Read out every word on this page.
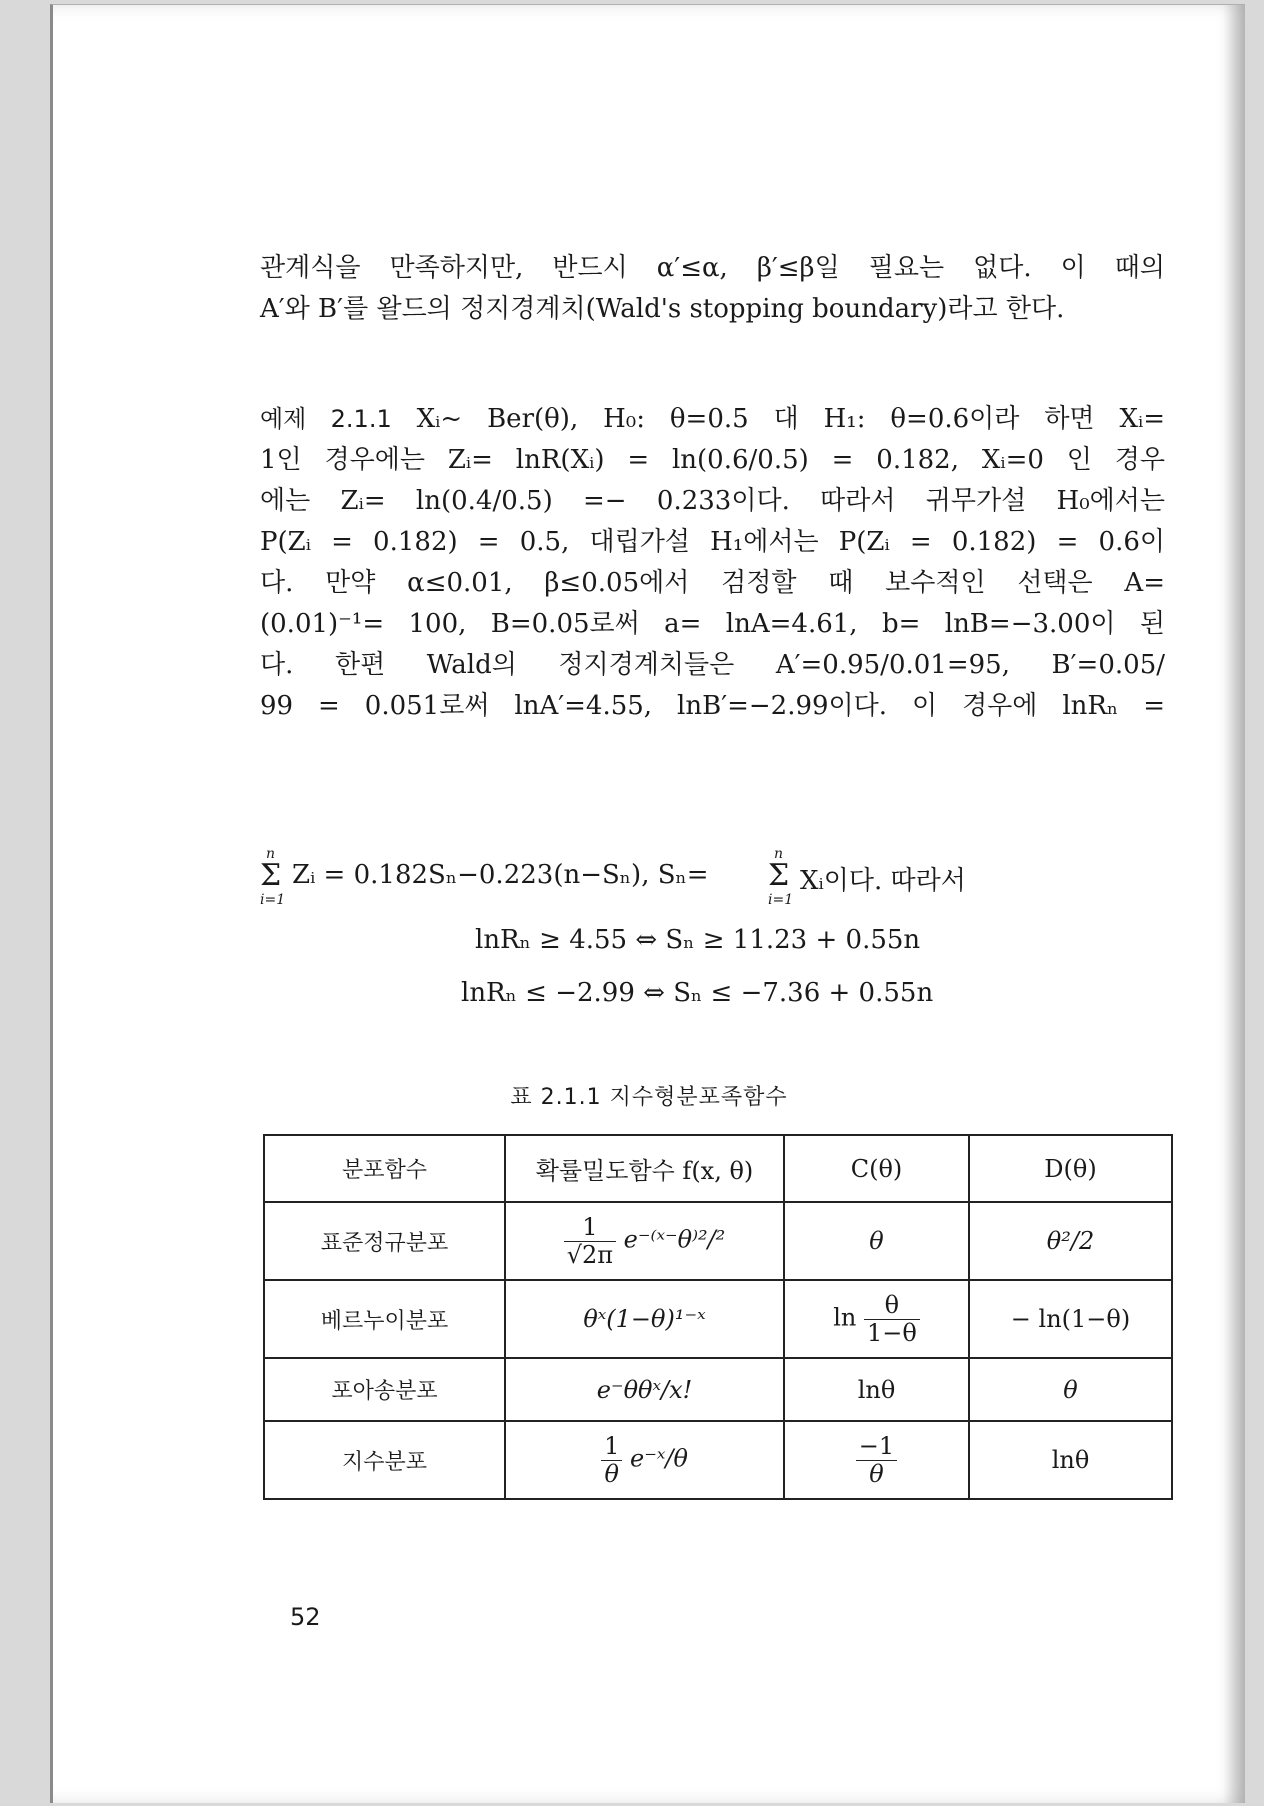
관계식을 만족하지만, 반드시 α′≤α, β′≤β일 필요는 없다. 이 때의
A′와 B′를 왈드의 정지경계치(Wald's stopping boundary)라고 한다.
예제 2.1.1 Xᵢ~ Ber(θ), H₀: θ=0.5 대 H₁: θ=0.6이라 하면 Xᵢ=
1인 경우에는 Zᵢ= lnR(Xᵢ) = ln(0.6/0.5) = 0.182, Xᵢ=0 인 경우
에는 Zᵢ= ln(0.4/0.5) =− 0.233이다. 따라서 귀무가설 H₀에서는
P(Zᵢ = 0.182) = 0.5, 대립가설 H₁에서는 P(Zᵢ = 0.182) = 0.6이
다. 만약 α≤0.01, β≤0.05에서 검정할 때 보수적인 선택은 A=
(0.01)⁻¹= 100, B=0.05로써 a= lnA=4.61, b= lnB=−3.00이 된
다. 한편 Wald의 정지경계치들은 A′=0.95/0.01=95, B′=0.05/
99 = 0.051로써 lnA′=4.55, lnB′=−2.99이다. 이 경우에 lnRₙ =
n
Σ
i=1
Zᵢ = 0.182Sₙ−0.223(n−Sₙ), Sₙ=
n
Σ
i=1
Xᵢ이다. 따라서
lnRₙ ≥ 4.55 ⇔ Sₙ ≥ 11.23 + 0.55n
lnRₙ ≤ −2.99 ⇔ Sₙ ≤ −7.36 + 0.55n
표 2.1.1 지수형분포족함수
분포함수	확률밀도함수 f(x, θ)	C(θ)	D(θ)
표준정규분포	$\frac{1}{√2\pi}$ e⁻⁽ˣ⁻θ⁾²/²	θ	θ²/2
베르누이분포	θˣ(1−θ)¹⁻ˣ	$\ln \frac{\theta}{1-\theta}$	− ln(1−θ)
포아송분포	e⁻θθˣ/x!	lnθ	θ
지수분포	$\frac{1}{\theta}$ e⁻ˣ/θ	$\frac{-1}{\theta}$	lnθ
52
